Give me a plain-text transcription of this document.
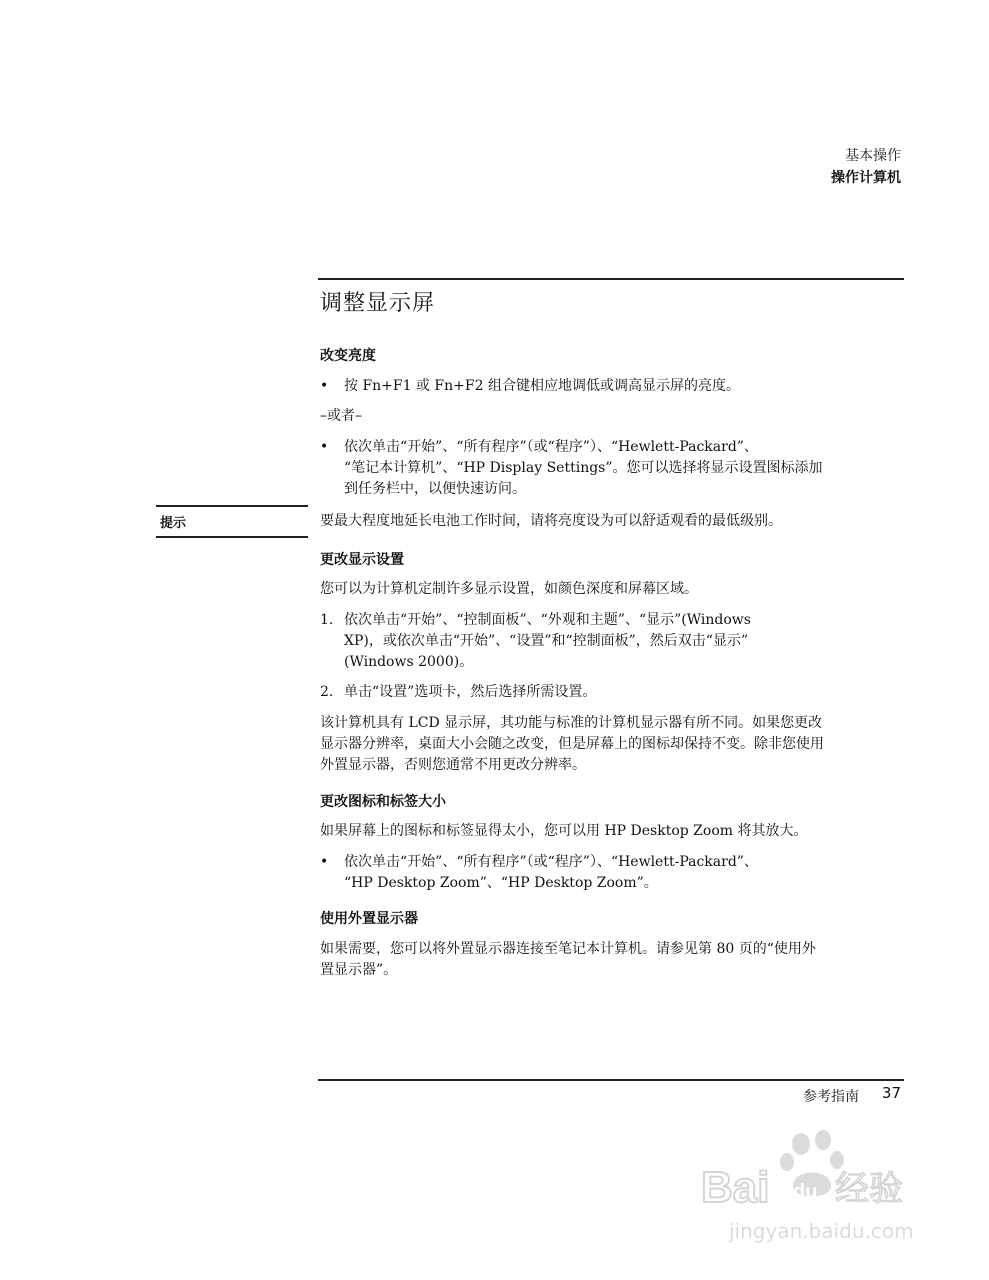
基本操作
操作计算机
调整显示屏
改变亮度
• 按 Fn+F1 或 Fn+F2 组合键相应地调低或调高显示屏的亮度。
–或者–
• 依次单击“开始”、“所有程序”（或“程序”）、“Hewlett-Packard”、
“笔记本计算机”、“HP Display Settings”。您可以选择将显示设置图标添加
到任务栏中，以便快速访问。
提示	要最大程度地延长电池工作时间，请将亮度设为可以舒适观看的最低级别。
更改显示设置
您可以为计算机定制许多显示设置，如颜色深度和屏幕区域。
1. 依次单击“开始”、“控制面板”、“外观和主题”、“显示”(Windows
XP)，或依次单击“开始”、“设置”和“控制面板”，然后双击“显示”
(Windows 2000)。
2. 单击“设置”选项卡，然后选择所需设置。
该计算机具有 LCD 显示屏，其功能与标准的计算机显示器有所不同。如果您更改
显示器分辨率，桌面大小会随之改变，但是屏幕上的图标却保持不变。除非您使用
外置显示器，否则您通常不用更改分辨率。
更改图标和标签大小
如果屏幕上的图标和标签显得太小，您可以用 HP Desktop Zoom 将其放大。
• 依次单击“开始”、“所有程序”（或“程序”）、“Hewlett-Packard”、
“HP Desktop Zoom”、“HP Desktop Zoom”。
使用外置显示器
如果需要，您可以将外置显示器连接至笔记本计算机。请参见第 80 页的“使用外
置显示器”。
参考指南 37
Bai du 经验
jingyan.baidu.com
